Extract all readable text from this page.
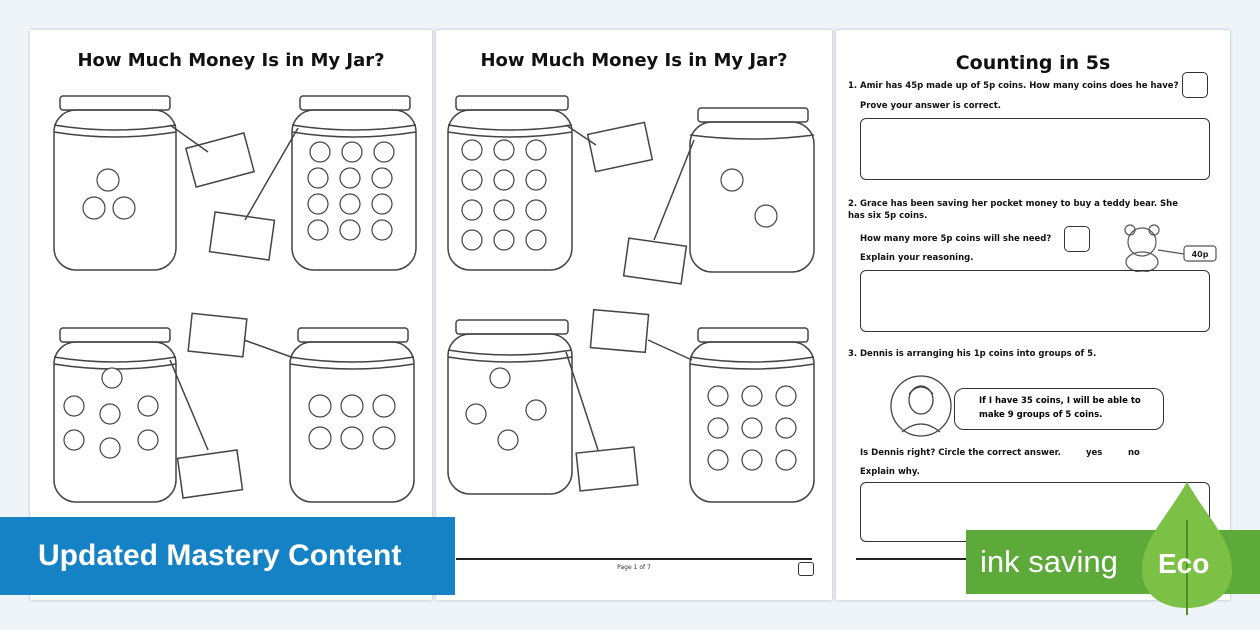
How Much Money Is in My Jar?	How Much Money Is in My Jar?
Page 1 of 7
Counting in 5s
1. Amir has 45p made up of 5p coins. How many coins does he have?
Prove your answer is correct.
2. Grace has been saving her pocket money to buy a teddy bear. She has six 5p coins.
How many more 5p coins will she need?
40p
Explain your reasoning.
3. Dennis is arranging his 1p coins into groups of 5.
If I have 35 coins, I will be able to make 9 groups of 5 coins.
Is Dennis right? Circle the correct answer.	yes	no
Explain why.
Updated Mastery Content	ink saving	Eco
